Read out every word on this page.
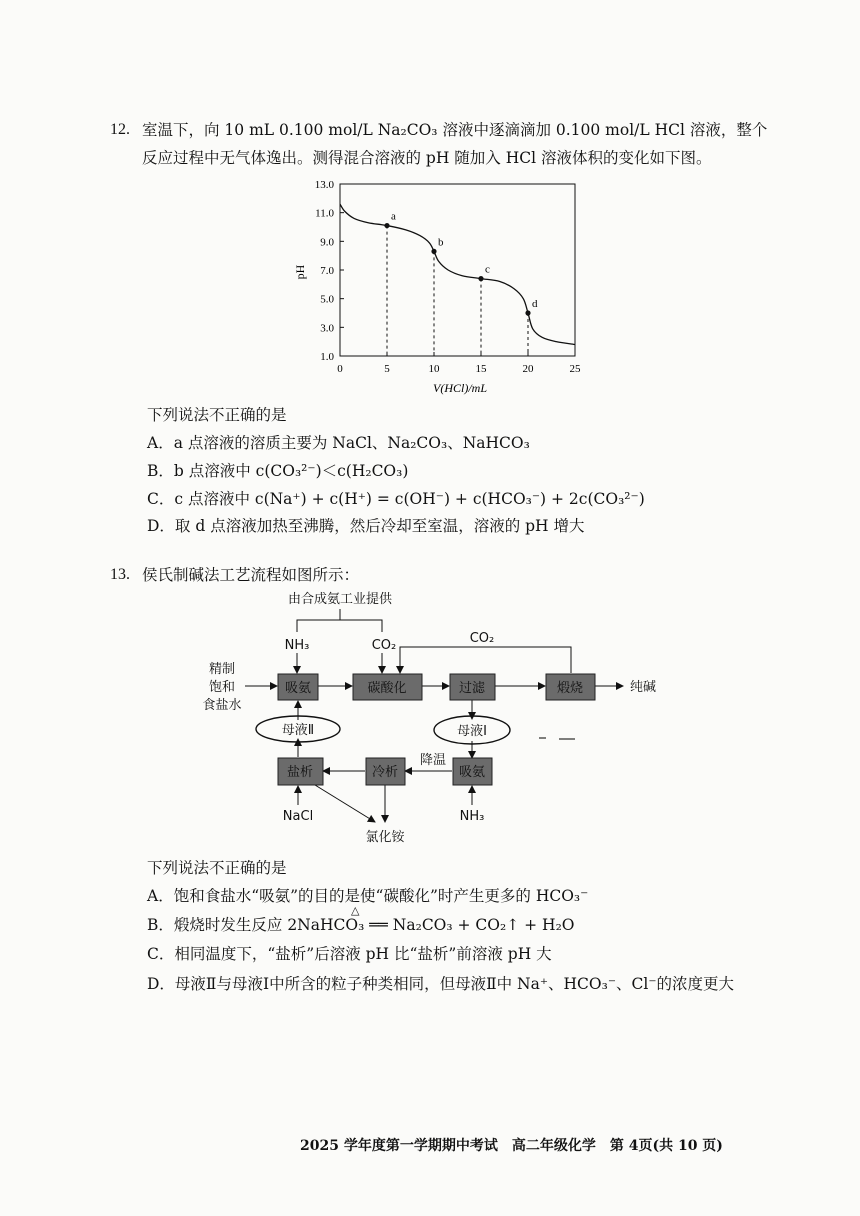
12. 室温下，向 10 mL 0.100 mol/L Na₂CO₃ 溶液中逐滴滴加 0.100 mol/L HCl 溶液，整个
反应过程中无气体逸出。测得混合溶液的 pH 随加入 HCl 溶液体积的变化如下图。
a
b
c
d
0	5	10	15	20	25
1.0
3.0
5.0
7.0
9.0
11.0
13.0
pH
V(HCl)/mL
下列说法不正确的是
A．a 点溶液的溶质主要为 NaCl、Na₂CO₃、NaHCO₃
B．b 点溶液中 c(CO₃²⁻)＜c(H₂CO₃)
C．c 点溶液中 c(Na⁺) + c(H⁺) = c(OH⁻) + c(HCO₃⁻) + 2c(CO₃²⁻)
D．取 d 点溶液加热至沸腾，然后冷却至室温，溶液的 pH 增大
13. 侯氏制碱法工艺流程如图所示：
由合成氨工业提供
NH₃	CO₂	CO₂
精制
饱和
食盐水
吸氨	碳酸化	过滤	煅烧	纯碱
母液Ⅱ	母液Ⅰ
降温
盐析	冷析	吸氨
NaCl	NH₃
氯化铵
下列说法不正确的是
A．饱和食盐水“吸氨”的目的是使“碳酸化”时产生更多的 HCO₃⁻
B．煅烧时发生反应 2NaHCO₃ ══ Na₂CO₃ + CO₂↑ + H₂O
△
C．相同温度下，“盐析”后溶液 pH 比“盐析”前溶液 pH 大
D．母液Ⅱ与母液Ⅰ中所含的粒子种类相同，但母液Ⅱ中 Na⁺、HCO₃⁻、Cl⁻的浓度更大
2025 学年度第一学期期中考试　高二年级化学　第 4页(共 10 页)
